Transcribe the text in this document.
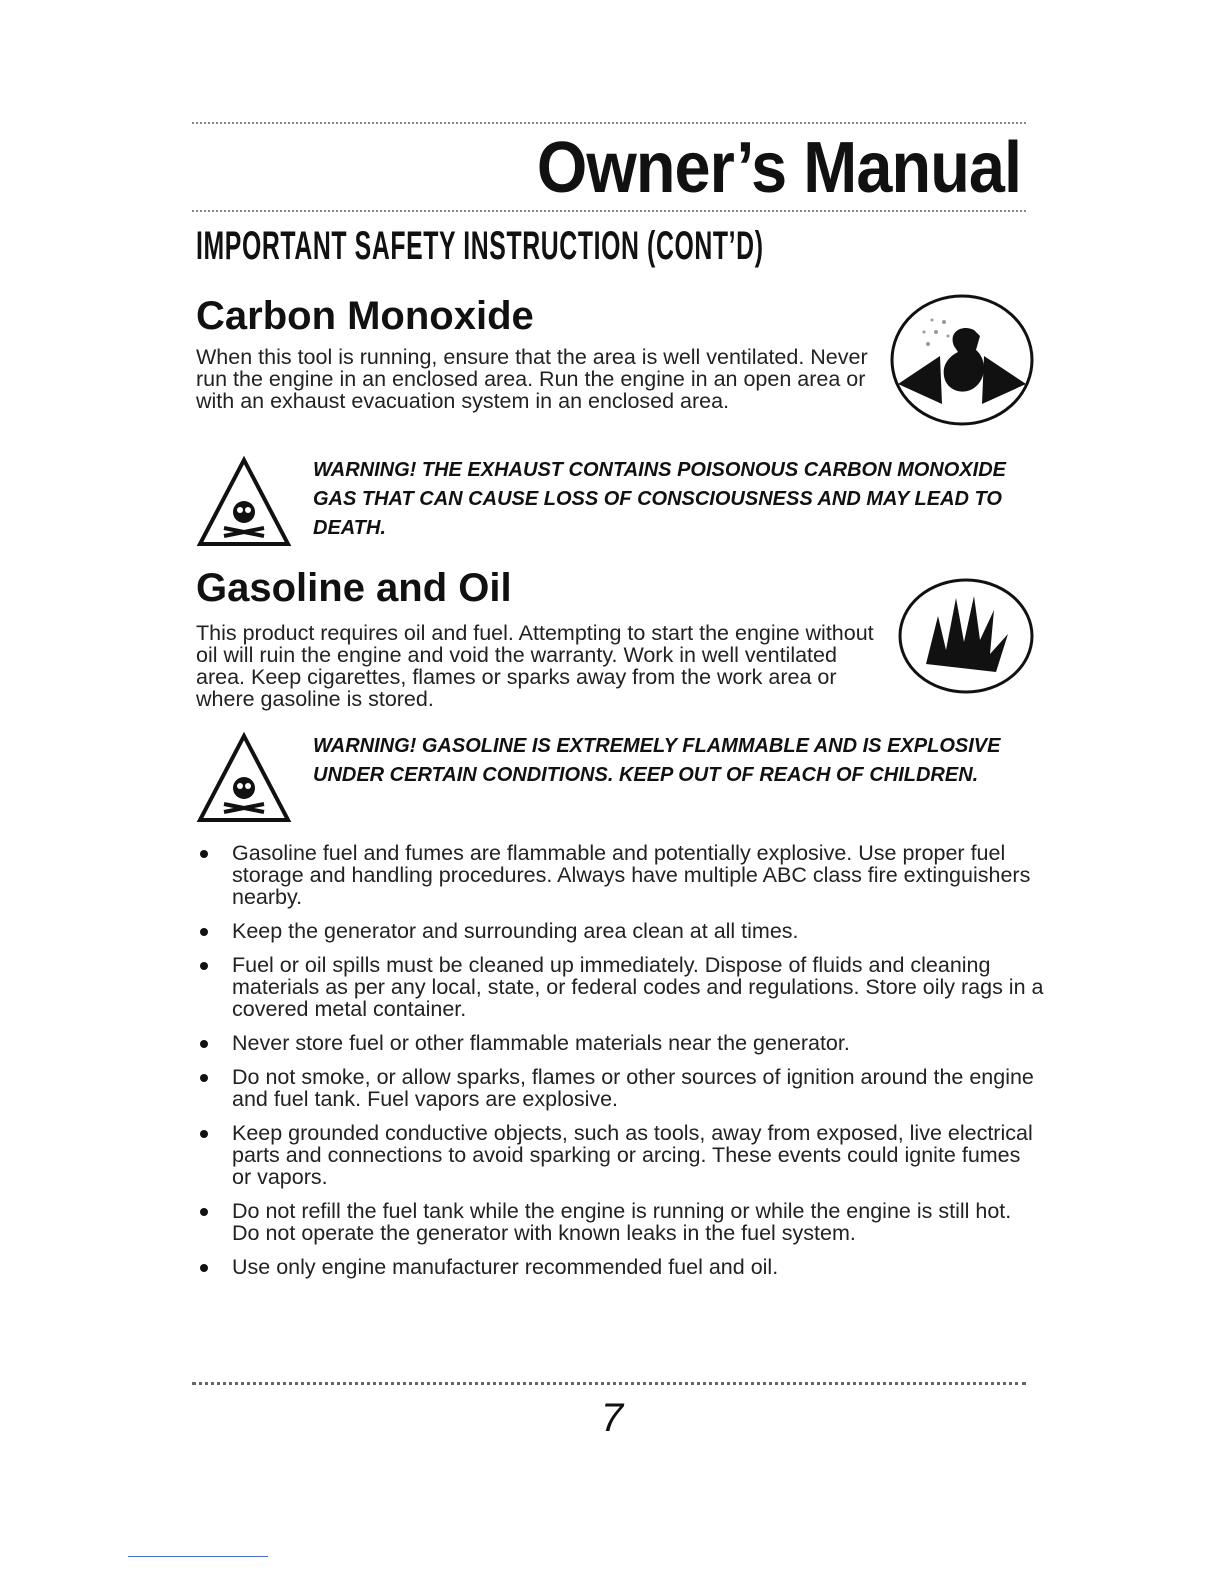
Owner’s Manual
IMPORTANT SAFETY INSTRUCTION (CONT’D)
Carbon Monoxide
When this tool is running, ensure that the area is well ventilated. Never run the engine in an enclosed area. Run the engine in an open area or with an exhaust evacuation system in an enclosed area.
WARNING! THE EXHAUST CONTAINS POISONOUS CARBON MONOXIDE GAS THAT CAN CAUSE LOSS OF CONSCIOUSNESS AND MAY LEAD TO DEATH.
Gasoline and Oil
This product requires oil and fuel. Attempting to start the engine without oil will ruin the engine and void the warranty. Work in well ventilated area. Keep cigarettes, flames or sparks away from the work area or where gasoline is stored.
WARNING! GASOLINE IS EXTREMELY FLAMMABLE AND IS EXPLOSIVE UNDER CERTAIN CONDITIONS. KEEP OUT OF REACH OF CHILDREN.
Gasoline fuel and fumes are flammable and potentially explosive. Use proper fuel storage and handling procedures. Always have multiple ABC class fire extinguishers nearby.
Keep the generator and surrounding area clean at all times.
Fuel or oil spills must be cleaned up immediately. Dispose of fluids and cleaning materials as per any local, state, or federal codes and regulations. Store oily rags in a covered metal container.
Never store fuel or other flammable materials near the generator.
Do not smoke, or allow sparks, flames or other sources of ignition around the engine and fuel tank. Fuel vapors are explosive.
Keep grounded conductive objects, such as tools, away from exposed, live electrical parts and connections to avoid sparking or arcing. These events could ignite fumes or vapors.
Do not refill the fuel tank while the engine is running or while the engine is still hot. Do not operate the generator with known leaks in the fuel system.
Use only engine manufacturer recommended fuel and oil.
7
